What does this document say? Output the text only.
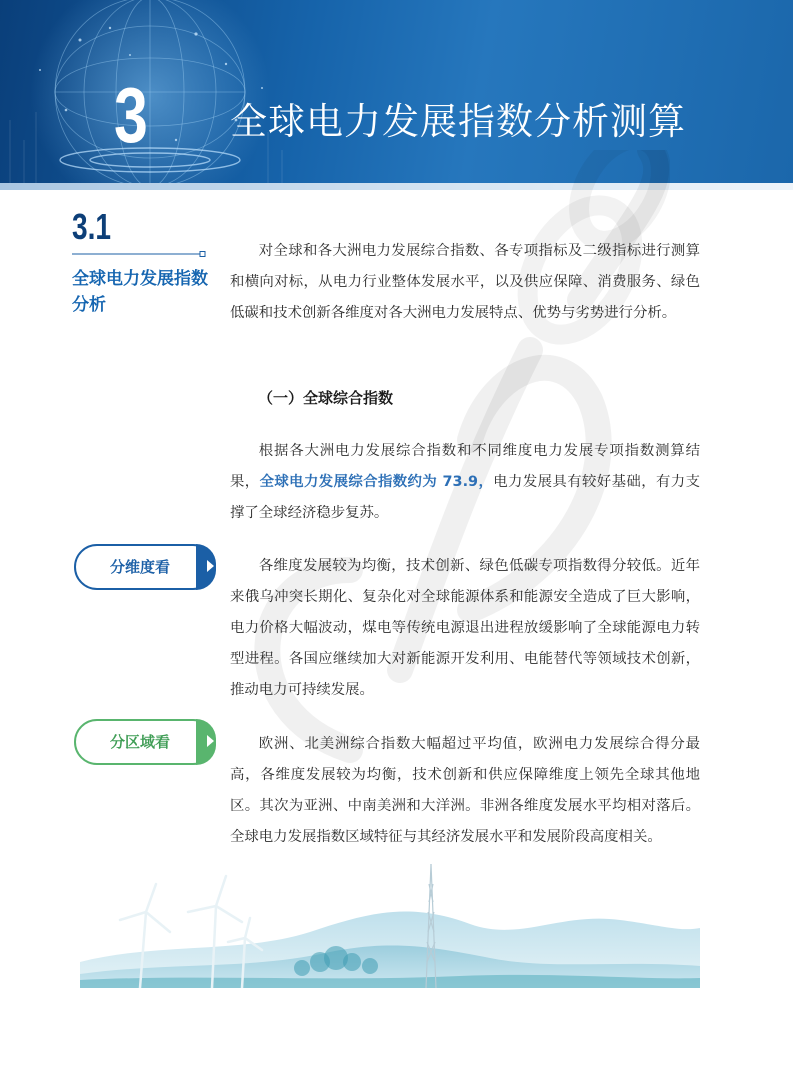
3 全球电力发展指数分析测算
3.1
全球电力发展指数分析

对全球和各大洲电力发展综合指数、各专项指标及二级指标进行测算和横向对标，从电力行业整体发展水平，以及供应保障、消费服务、绿色低碳和技术创新各维度对各大洲电力发展特点、优势与劣势进行分析。

（一）全球综合指数

根据各大洲电力发展综合指数和不同维度电力发展专项指数测算结果，全球电力发展综合指数约为 73.9，电力发展具有较好基础，有力支撑了全球经济稳步复苏。

分维度看	各维度发展较为均衡，技术创新、绿色低碳专项指数得分较低。近年来俄乌冲突长期化、复杂化对全球能源体系和能源安全造成了巨大影响，电力价格大幅波动，煤电等传统电源退出进程放缓影响了全球能源电力转型进程。各国应继续加大对新能源开发利用、电能替代等领域技术创新，推动电力可持续发展。

分区域看	欧洲、北美洲综合指数大幅超过平均值，欧洲电力发展综合得分最高，各维度发展较为均衡，技术创新和供应保障维度上领先全球其他地区。其次为亚洲、中南美洲和大洋洲。非洲各维度发展水平均相对落后。全球电力发展指数区域特征与其经济发展水平和发展阶段高度相关。
